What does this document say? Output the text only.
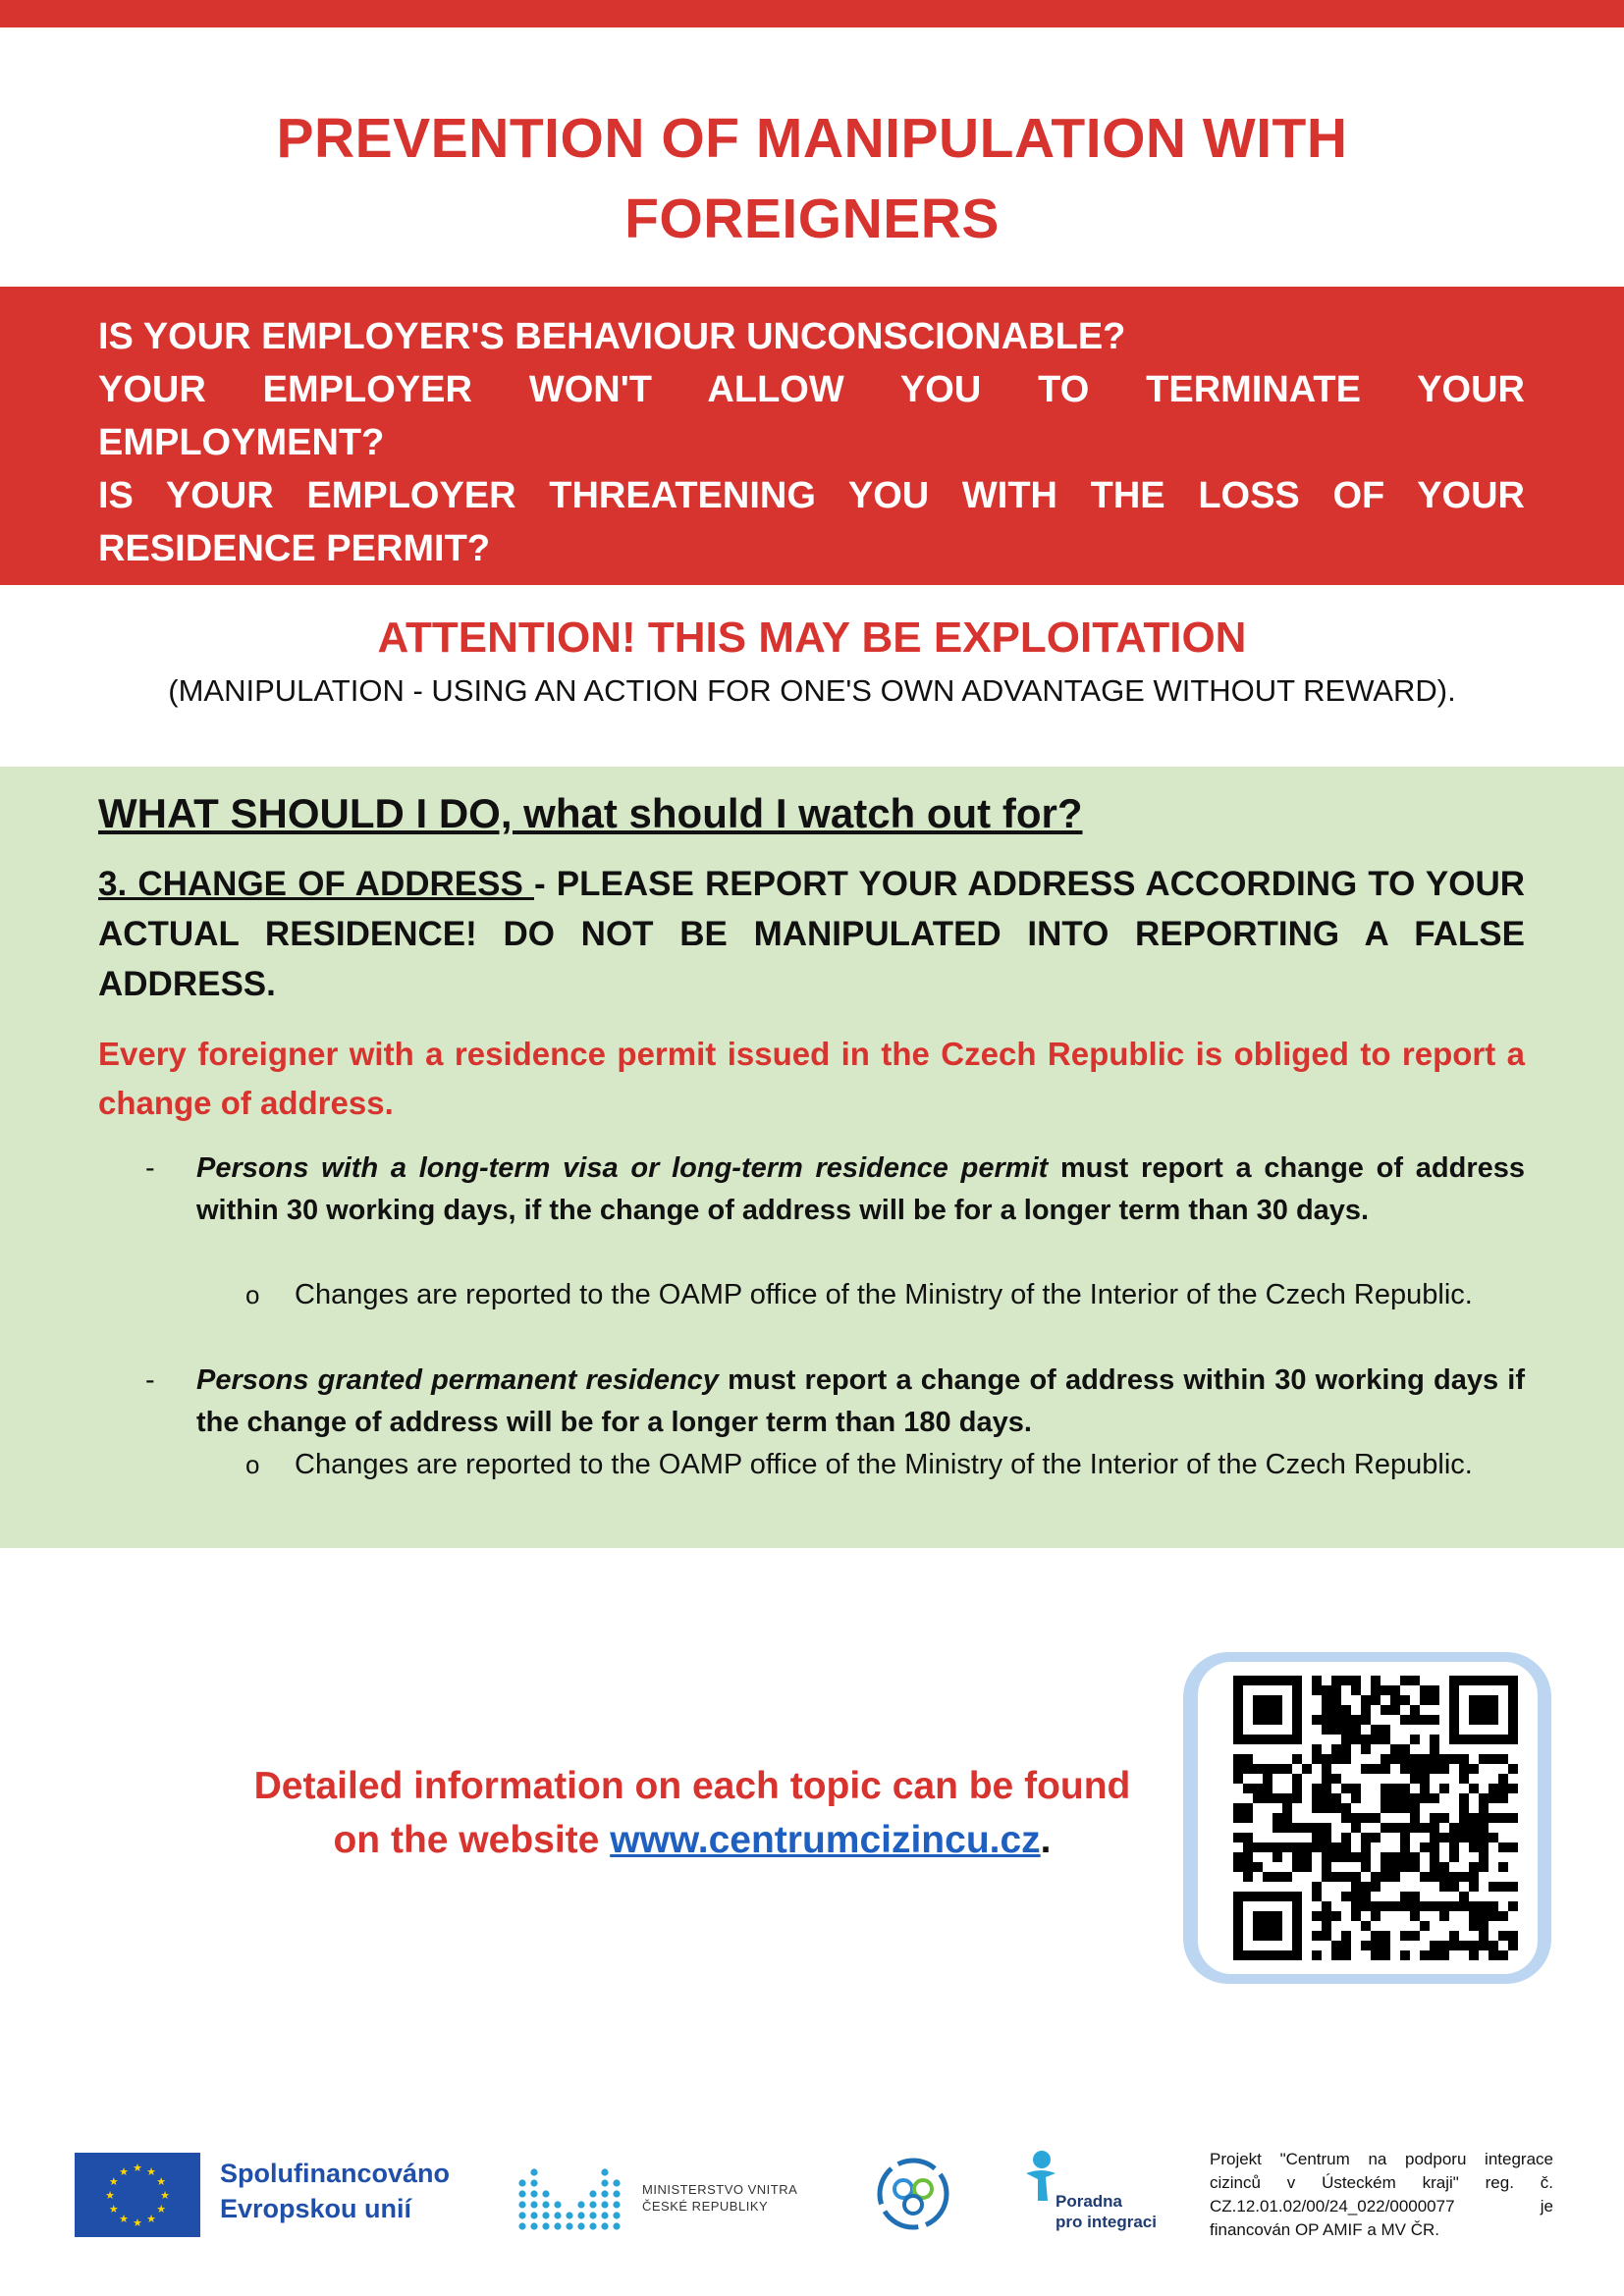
PREVENTION OF MANIPULATION WITH
FOREIGNERS
IS YOUR EMPLOYER'S BEHAVIOUR UNCONSCIONABLE?
YOUR EMPLOYER WON'T ALLOW YOU TO TERMINATE YOUR
EMPLOYMENT?
IS YOUR EMPLOYER THREATENING YOU WITH THE LOSS OF YOUR
RESIDENCE PERMIT?
ATTENTION! THIS MAY BE EXPLOITATION
(MANIPULATION - USING AN ACTION FOR ONE'S OWN ADVANTAGE WITHOUT REWARD).
WHAT SHOULD I DO, what should I watch out for?
3. CHANGE OF ADDRESS - PLEASE REPORT YOUR ADDRESS ACCORDING TO YOUR ACTUAL RESIDENCE! DO NOT BE MANIPULATED INTO REPORTING A FALSE ADDRESS.
Every foreigner with a residence permit issued in the Czech Republic is obliged to report a change of address.
- Persons with a long-term visa or long-term residence permit must report a change of address within 30 working days, if the change of address will be for a longer term than 30 days.
o Changes are reported to the OAMP office of the Ministry of the Interior of the Czech Republic.
- Persons granted permanent residency must report a change of address within 30 working days if the change of address will be for a longer term than 180 days.
o Changes are reported to the OAMP office of the Ministry of the Interior of the Czech Republic.
Detailed information on each topic can be found
on the website www.centrumcizincu.cz.
★
★
★
★
★
★
★
★
★ ★ ★
★ Spolufinancováno
Evropskou unií
MINISTERSTVO VNITRA
ČESKÉ REPUBLIKY	Poradna
pro integraci
Projekt "Centrum na podporu integrace cizinců v Ústeckém kraji" reg. č. CZ.12.01.02/00/24_022/0000077 je financován OP AMIF a MV ČR.
